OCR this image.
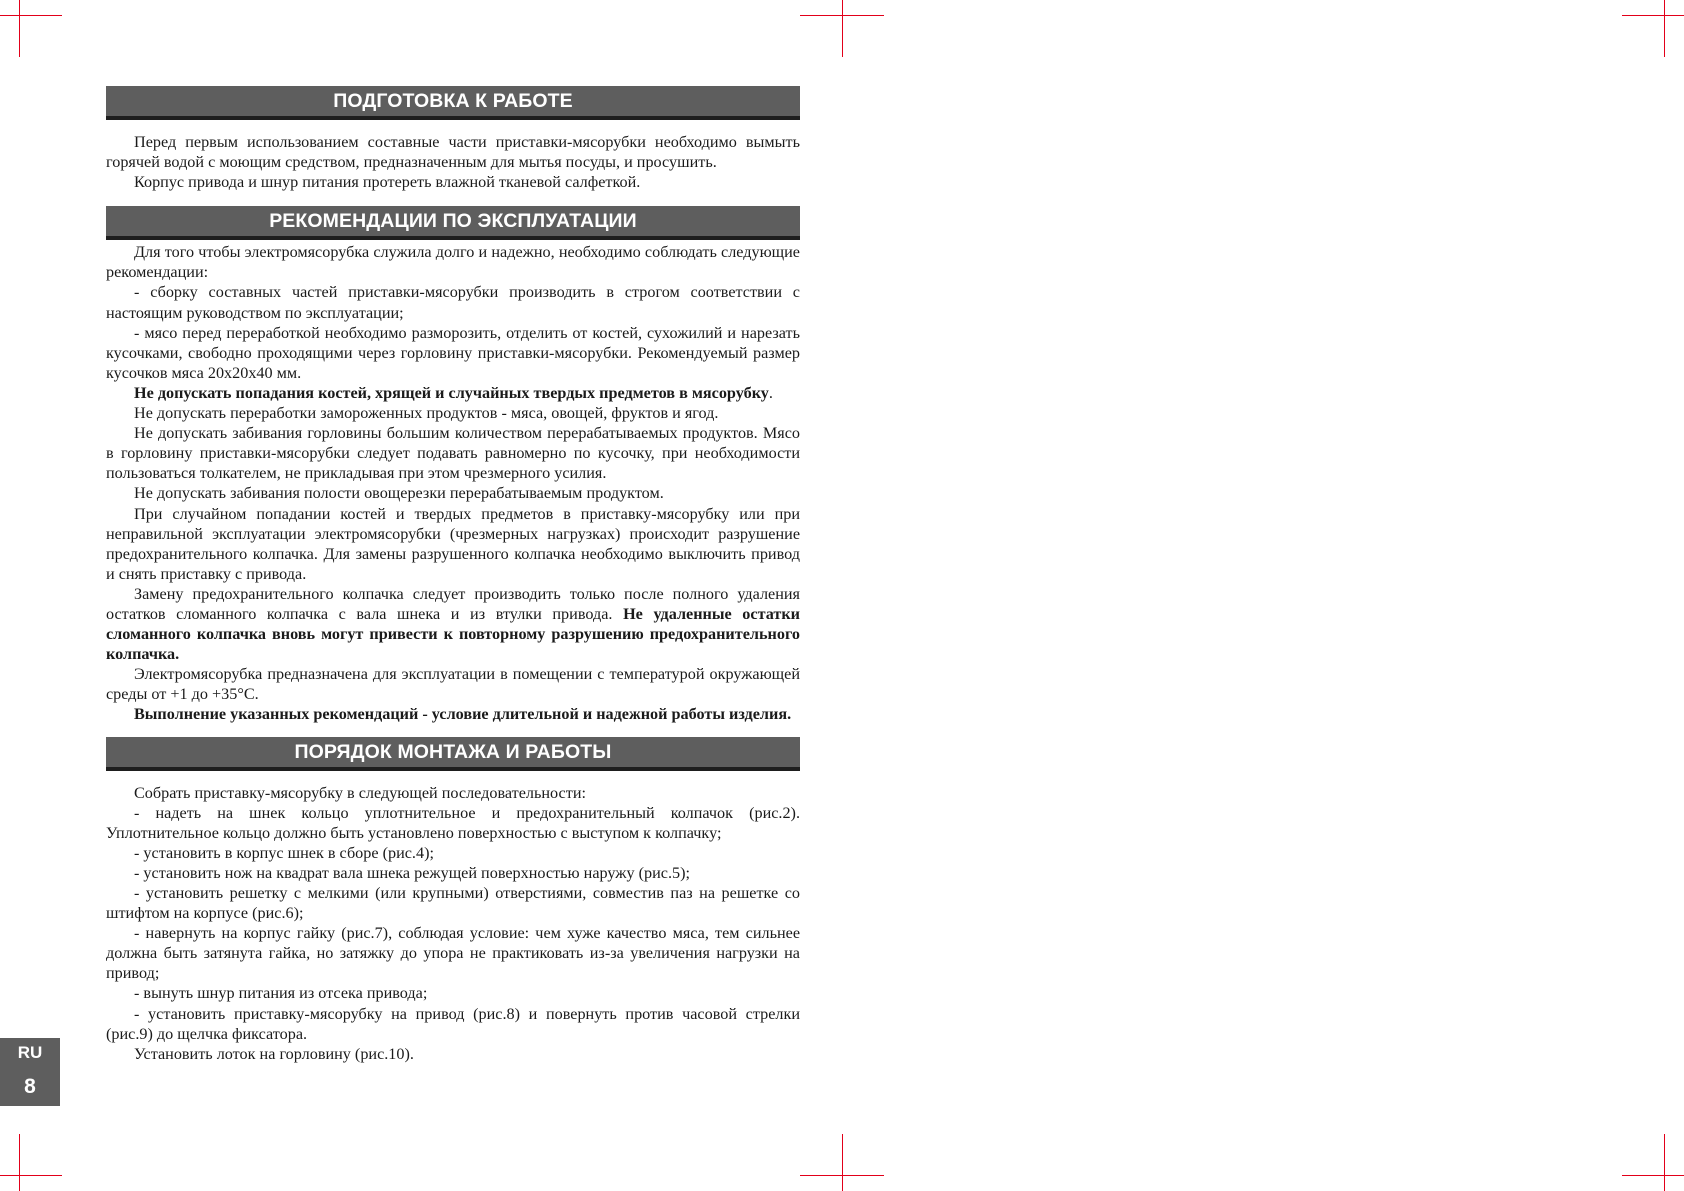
ПОДГОТОВКА К РАБОТЕ

Перед первым использованием составные части приставки-мясорубки необходимо вымыть горячей водой с моющим средством, предназначенным для мытья посуды, и просушить.

Корпус привода и шнур питания протереть влажной тканевой салфеткой.

РЕКОМЕНДАЦИИ ПО ЭКСПЛУАТАЦИИ

Для того чтобы электромясорубка служила долго и надежно, необходимо соблюдать следующие рекомендации:

- сборку составных частей приставки-мясорубки производить в строгом соответствии с настоящим руководством по эксплуатации;

- мясо перед переработкой необходимо разморозить, отделить от костей, сухожилий и нарезать кусочками, свободно проходящими через горловину приставки-мясорубки. Рекомендуемый размер кусочков мяса 20x20x40 мм.

Не допускать попадания костей, хрящей и случайных твердых предметов в мясорубку.

Не допускать переработки замороженных продуктов - мяса, овощей, фруктов и ягод.

Не допускать забивания горловины большим количеством перерабатываемых продуктов. Мясо в горловину приставки-мясорубки следует подавать равномерно по кусочку, при необходимости пользоваться толкателем, не прикладывая при этом чрезмерного усилия.

Не допускать забивания полости овощерезки перерабатываемым продуктом.

При случайном попадании костей и твердых предметов в приставку-мясорубку или при неправильной эксплуатации электромясорубки (чрезмерных нагрузках) происходит разрушение предохранительного колпачка. Для замены разрушенного колпачка необходимо выключить привод и снять приставку с привода.

Замену предохранительного колпачка следует производить только после полного удаления остатков сломанного колпачка с вала шнека и из втулки привода. Не удаленные остатки сломанного колпачка вновь могут привести к повторному разрушению предохранительного колпачка.

Электромясорубка предназначена для эксплуатации в помещении с температурой окружающей среды от +1 до +35°С.

Выполнение указанных рекомендаций - условие длительной и надежной работы изделия.

ПОРЯДОК МОНТАЖА И РАБОТЫ

Собрать приставку-мясорубку в следующей последовательности:

- надеть на шнек кольцо уплотнительное и предохранительный колпачок (рис.2). Уплотнительное кольцо должно быть установлено поверхностью с выступом к колпачку;

- установить в корпус шнек в сборе (рис.4);

- установить нож на квадрат вала шнека режущей поверхностью наружу (рис.5);

- установить решетку с мелкими (или крупными) отверстиями, совместив паз на решетке со штифтом на корпусе (рис.6);

- навернуть на корпус гайку (рис.7), соблюдая условие: чем хуже качество мяса, тем сильнее должна быть затянута гайка, но затяжку до упора не практиковать из-за увеличения нагрузки на привод;

- вынуть шнур питания из отсека привода;

- установить приставку-мясорубку на привод (рис.8) и повернуть против часовой стрелки (рис.9) до щелчка фиксатора.

Установить лоток на горловину (рис.10).

RU
8
